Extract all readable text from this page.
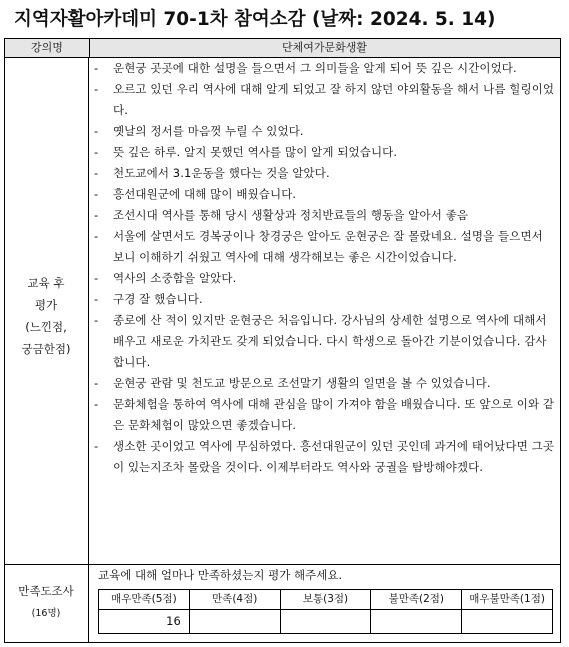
지역자활아카데미 70-1차 참여소감 (날짜: 2024. 5. 14)
강의명	단체여가문화생활
교육 후
평가
(느낀점,
궁금한점)
-	운현궁 곳곳에 대한 설명을 들으면서 그 의미들을 알게 되어 뜻 깊은 시간이었다.
-	오르고 있던 우리 역사에 대해 알게 되었고 잘 하지 않던 야외활동을 해서 나름 힐링이었다.
-	옛날의 정서를 마음껏 누릴 수 있었다.
-	뜻 깊은 하루. 알지 못했던 역사를 많이 알게 되었습니다.
-	천도교에서 3.1운동을 했다는 것을 알았다.
-	흥선대원군에 대해 많이 배웠습니다.
-	조선시대 역사를 통해 당시 생활상과 정치반료들의 행동을 알아서 좋음
-	서울에 살면서도 경복궁이나 창경궁은 알아도 운현궁은 잘 몰랐네요. 설명을 들으면서 보니 이해하기 쉬웠고 역사에 대해 생각해보는 좋은 시간이었습니다.
-	역사의 소중함을 알았다.
-	구경 잘 했습니다.
-	종로에 산 적이 있지만 운현궁은 처음입니다. 강사님의 상세한 설명으로 역사에 대해서 배우고 새로운 가치관도 갖게 되었습니다. 다시 학생으로 돌아간 기분이었습니다. 감사합니다.
-	운현궁 관람 및 천도교 방문으로 조선말기 생활의 일면을 볼 수 있었습니다.
-	문화체험을 통하여 역사에 대해 관심을 많이 가져야 함을 배웠습니다. 또 앞으로 이와 같은 문화체험이 많았으면 좋겠습니다.
-	생소한 곳이었고 역사에 무심하였다. 흥선대원군이 있던 곳인데 과거에 태어났다면 그곳이 있는지조차 몰랐을 것이다. 이제부터라도 역사와 궁궐을 탐방해야겠다.
만족도조사
(16명)
교육에 대해 얼마나 만족하셨는지 평가 해주세요.
매우만족(5점)	만족(4점)	보통(3점)	불만족(2점)	매우불만족(1점)
16				
